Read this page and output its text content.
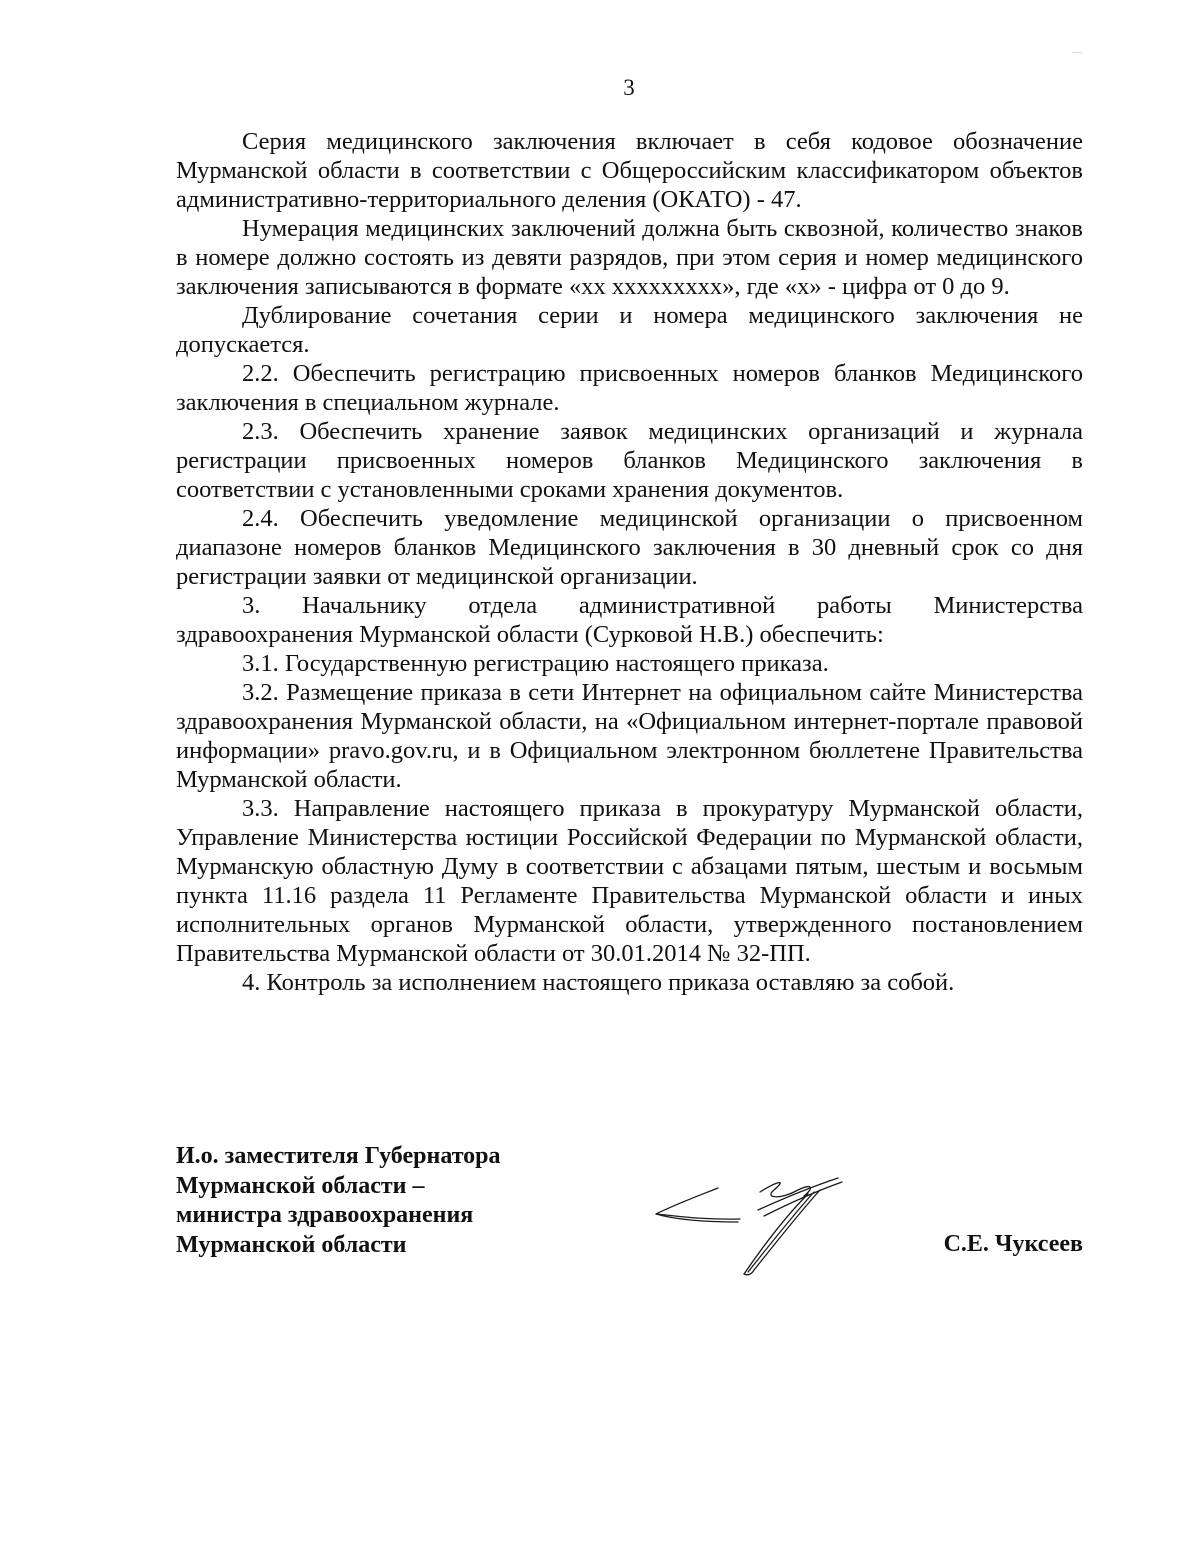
3

Серия медицинского заключения включает в себя кодовое обозначение Мурманской области в соответствии с Общероссийским классификатором объектов административно-территориального деления (ОКАТО) - 47.

Нумерация медицинских заключений должна быть сквозной, количество знаков в номере должно состоять из девяти разрядов, при этом серия и номер медицинского заключения записываются в формате «хх ххххххххх», где «х» - цифра от 0 до 9.

Дублирование сочетания серии и номера медицинского заключения не допускается.

2.2. Обеспечить регистрацию присвоенных номеров бланков Медицинского заключения в специальном журнале.

2.3. Обеспечить хранение заявок медицинских организаций и журнала регистрации присвоенных номеров бланков Медицинского заключения в соответствии с установленными сроками хранения документов.

2.4. Обеспечить уведомление медицинской организации о присвоенном диапазоне номеров бланков Медицинского заключения в 30 дневный срок со дня регистрации заявки от медицинской организации.

3. Начальнику отдела административной работы Министерства здравоохранения Мурманской области (Сурковой Н.В.) обеспечить:

3.1. Государственную регистрацию настоящего приказа.

3.2. Размещение приказа в сети Интернет на официальном сайте Министерства здравоохранения Мурманской области, на «Официальном интернет-портале правовой информации» pravo.gov.ru, и в Официальном электронном бюллетене Правительства Мурманской области.

3.3. Направление настоящего приказа в прокуратуру Мурманской области, Управление Министерства юстиции Российской Федерации по Мурманской области, Мурманскую областную Думу в соответствии с абзацами пятым, шестым и восьмым пункта 11.16 раздела 11 Регламенте Правительства Мурманской области и иных исполнительных органов Мурманской области, утвержденного постановлением Правительства Мурманской области от 30.01.2014 № 32-ПП.

4. Контроль за исполнением настоящего приказа оставляю за собой.

И.о. заместителя Губернатора
Мурманской области –
министра здравоохранения
Мурманской области	С.Е. Чуксеев
